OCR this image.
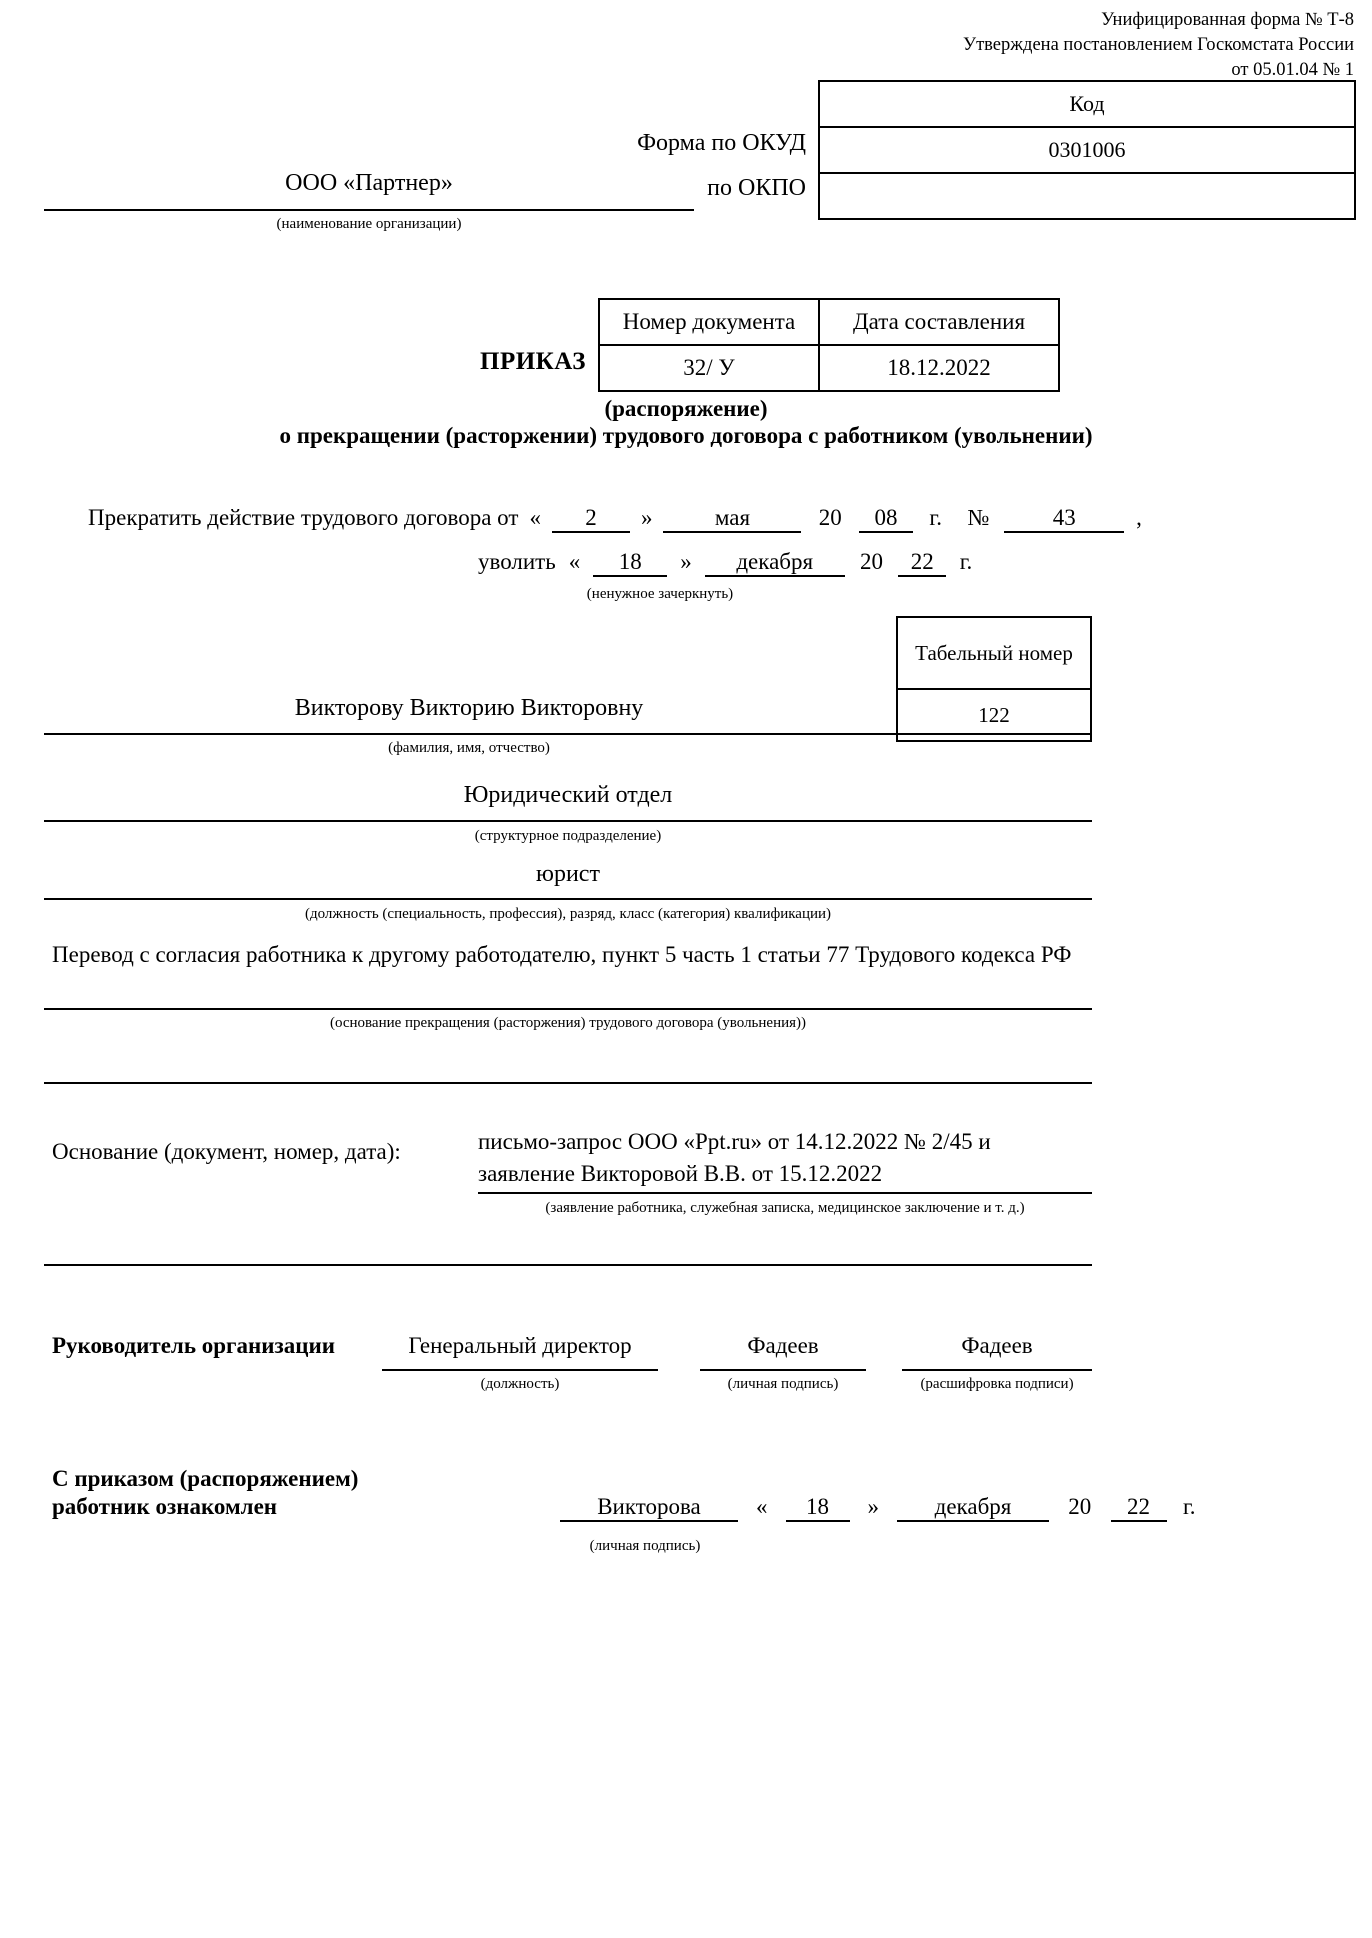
Унифицированная форма № Т-8
Утверждена постановлением Госкомстата России
от 05.01.04 № 1
Форма по ОКУД
по ОКПО
Код
0301006

ООО «Партнер»
(наименование организации)
ПРИКАЗ
Номер документа	Дата составления
32/ У	18.12.2022
(распоряжение)
о прекращении (расторжении) трудового договора с работником (увольнении)
Прекратить действие трудового договора от « 2 »	мая	20 08 г. №	43	,
уволить « 18 » декабря 20 22 г.
(ненужное зачеркнуть)
Табельный номер
122
Викторову Викторию Викторовну
(фамилия, имя, отчество)
Юридический отдел
(структурное подразделение)
юрист
(должность (специальность, профессия), разряд, класс (категория) квалификации)
Перевод с согласия работника к другому работодателю, пункт 5 часть 1 статьи 77 Трудового кодекса РФ
(основание прекращения (расторжения) трудового договора (увольнения))
Основание (документ, номер, дата):	письмо-запрос ООО «Ppt.ru» от 14.12.2022 № 2/45 и заявление Викторовой В.В. от 15.12.2022
(заявление работника, служебная записка, медицинское заключение и т. д.)
Руководитель организации	Генеральный директор
(должность)
Фадеев
(личная подпись)
Фадеев
(расшифровка подписи)
С приказом (распоряжением)
работник ознакомлен	Викторова « 18 » декабря 20 22 г.
(личная подпись)
